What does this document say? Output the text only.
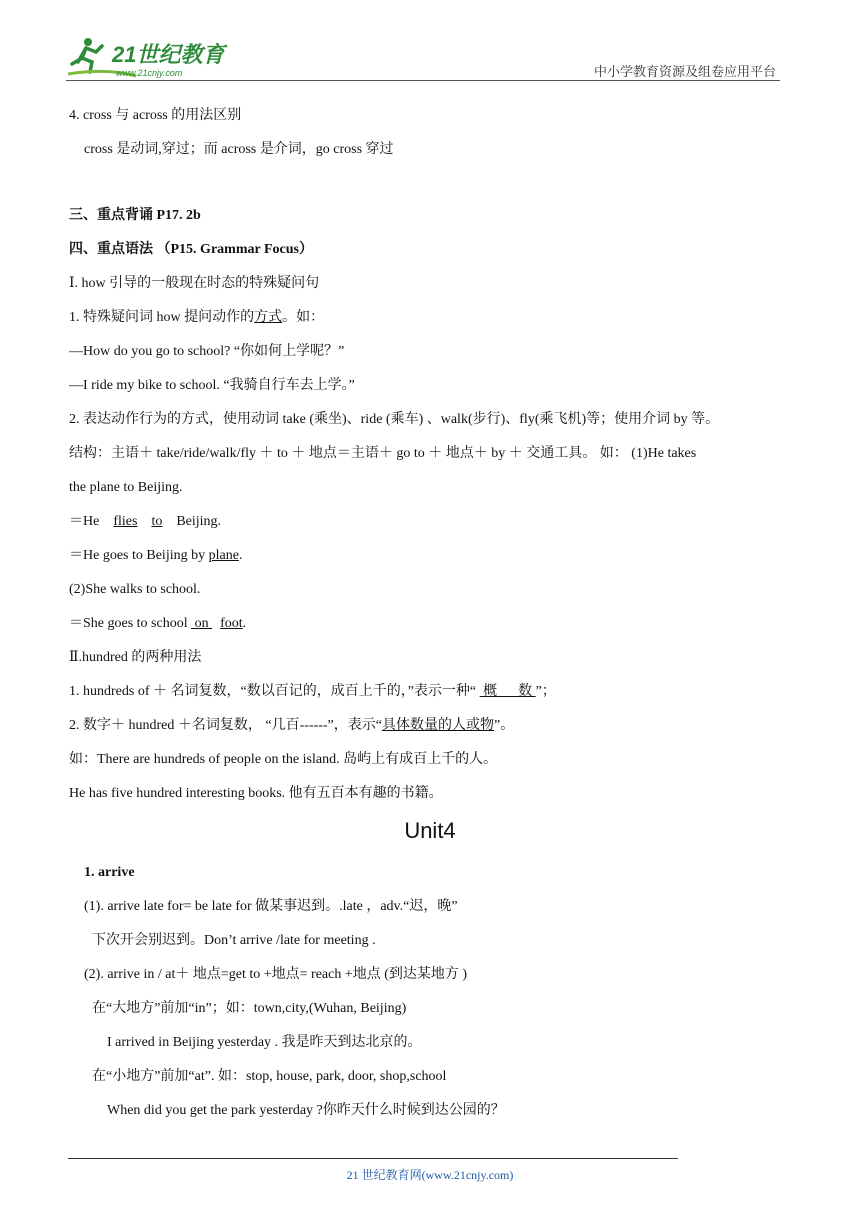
21世纪教育
www.21cnjy.com	中小学教育资源及组卷应用平台
4. cross 与 across 的用法区别
cross 是动词,穿过；而 across 是介词，go cross 穿过
三、重点背诵 P17. 2b
四、重点语法 （P15. Grammar Focus）
Ⅰ. how 引导的一般现在时态的特殊疑问句
1. 特殊疑问词 how 提问动作的方式。如：
—How do you go to school? “你如何上学呢？”
—I ride my bike to school. “我骑自行车去上学。”
2. 表达动作行为的方式，使用动词 take (乘坐)、ride (乘车) 、walk(步行)、fly(乘飞机)等；使用介词 by 等。
结构：主语＋ take/ride/walk/fly ＋ to ＋ 地点＝主语＋ go to ＋ 地点＋ by ＋ 交通工具。 如： (1)He takes
the plane to Beijing.
＝He flies to Beijing.
＝He goes to Beijing by plane.
(2)She walks to school.
＝She goes to school  on foot.
Ⅱ.hundred 的两种用法
1. hundreds of ＋ 名词复数，“数以百记的，成百上千的，”表示一种“  概      数 ”；
2. 数字＋ hundred ＋名词复数， “几百------”，表示“具体数量的人或物”。
如：There are hundreds of people on the island. 岛屿上有成百上千的人。
He has five hundred interesting books. 他有五百本有趣的书籍。
Unit4
1. arrive
(1). arrive late for= be late for 做某事迟到。.late ，adv.“迟，晚”
下次开会别迟到。Don’t arrive /late for meeting .
(2). arrive in / at＋ 地点=get to +地点= reach +地点 (到达某地方 )
在“大地方”前加“in”；如：town,city,(Wuhan, Beijing)
I arrived in Beijing yesterday . 我是昨天到达北京的。
在“小地方”前加“at”. 如：stop, house, park, door, shop,school
When did you get the park yesterday ?你昨天什么时候到达公园的？
21 世纪教育网(www.21cnjy.com)
